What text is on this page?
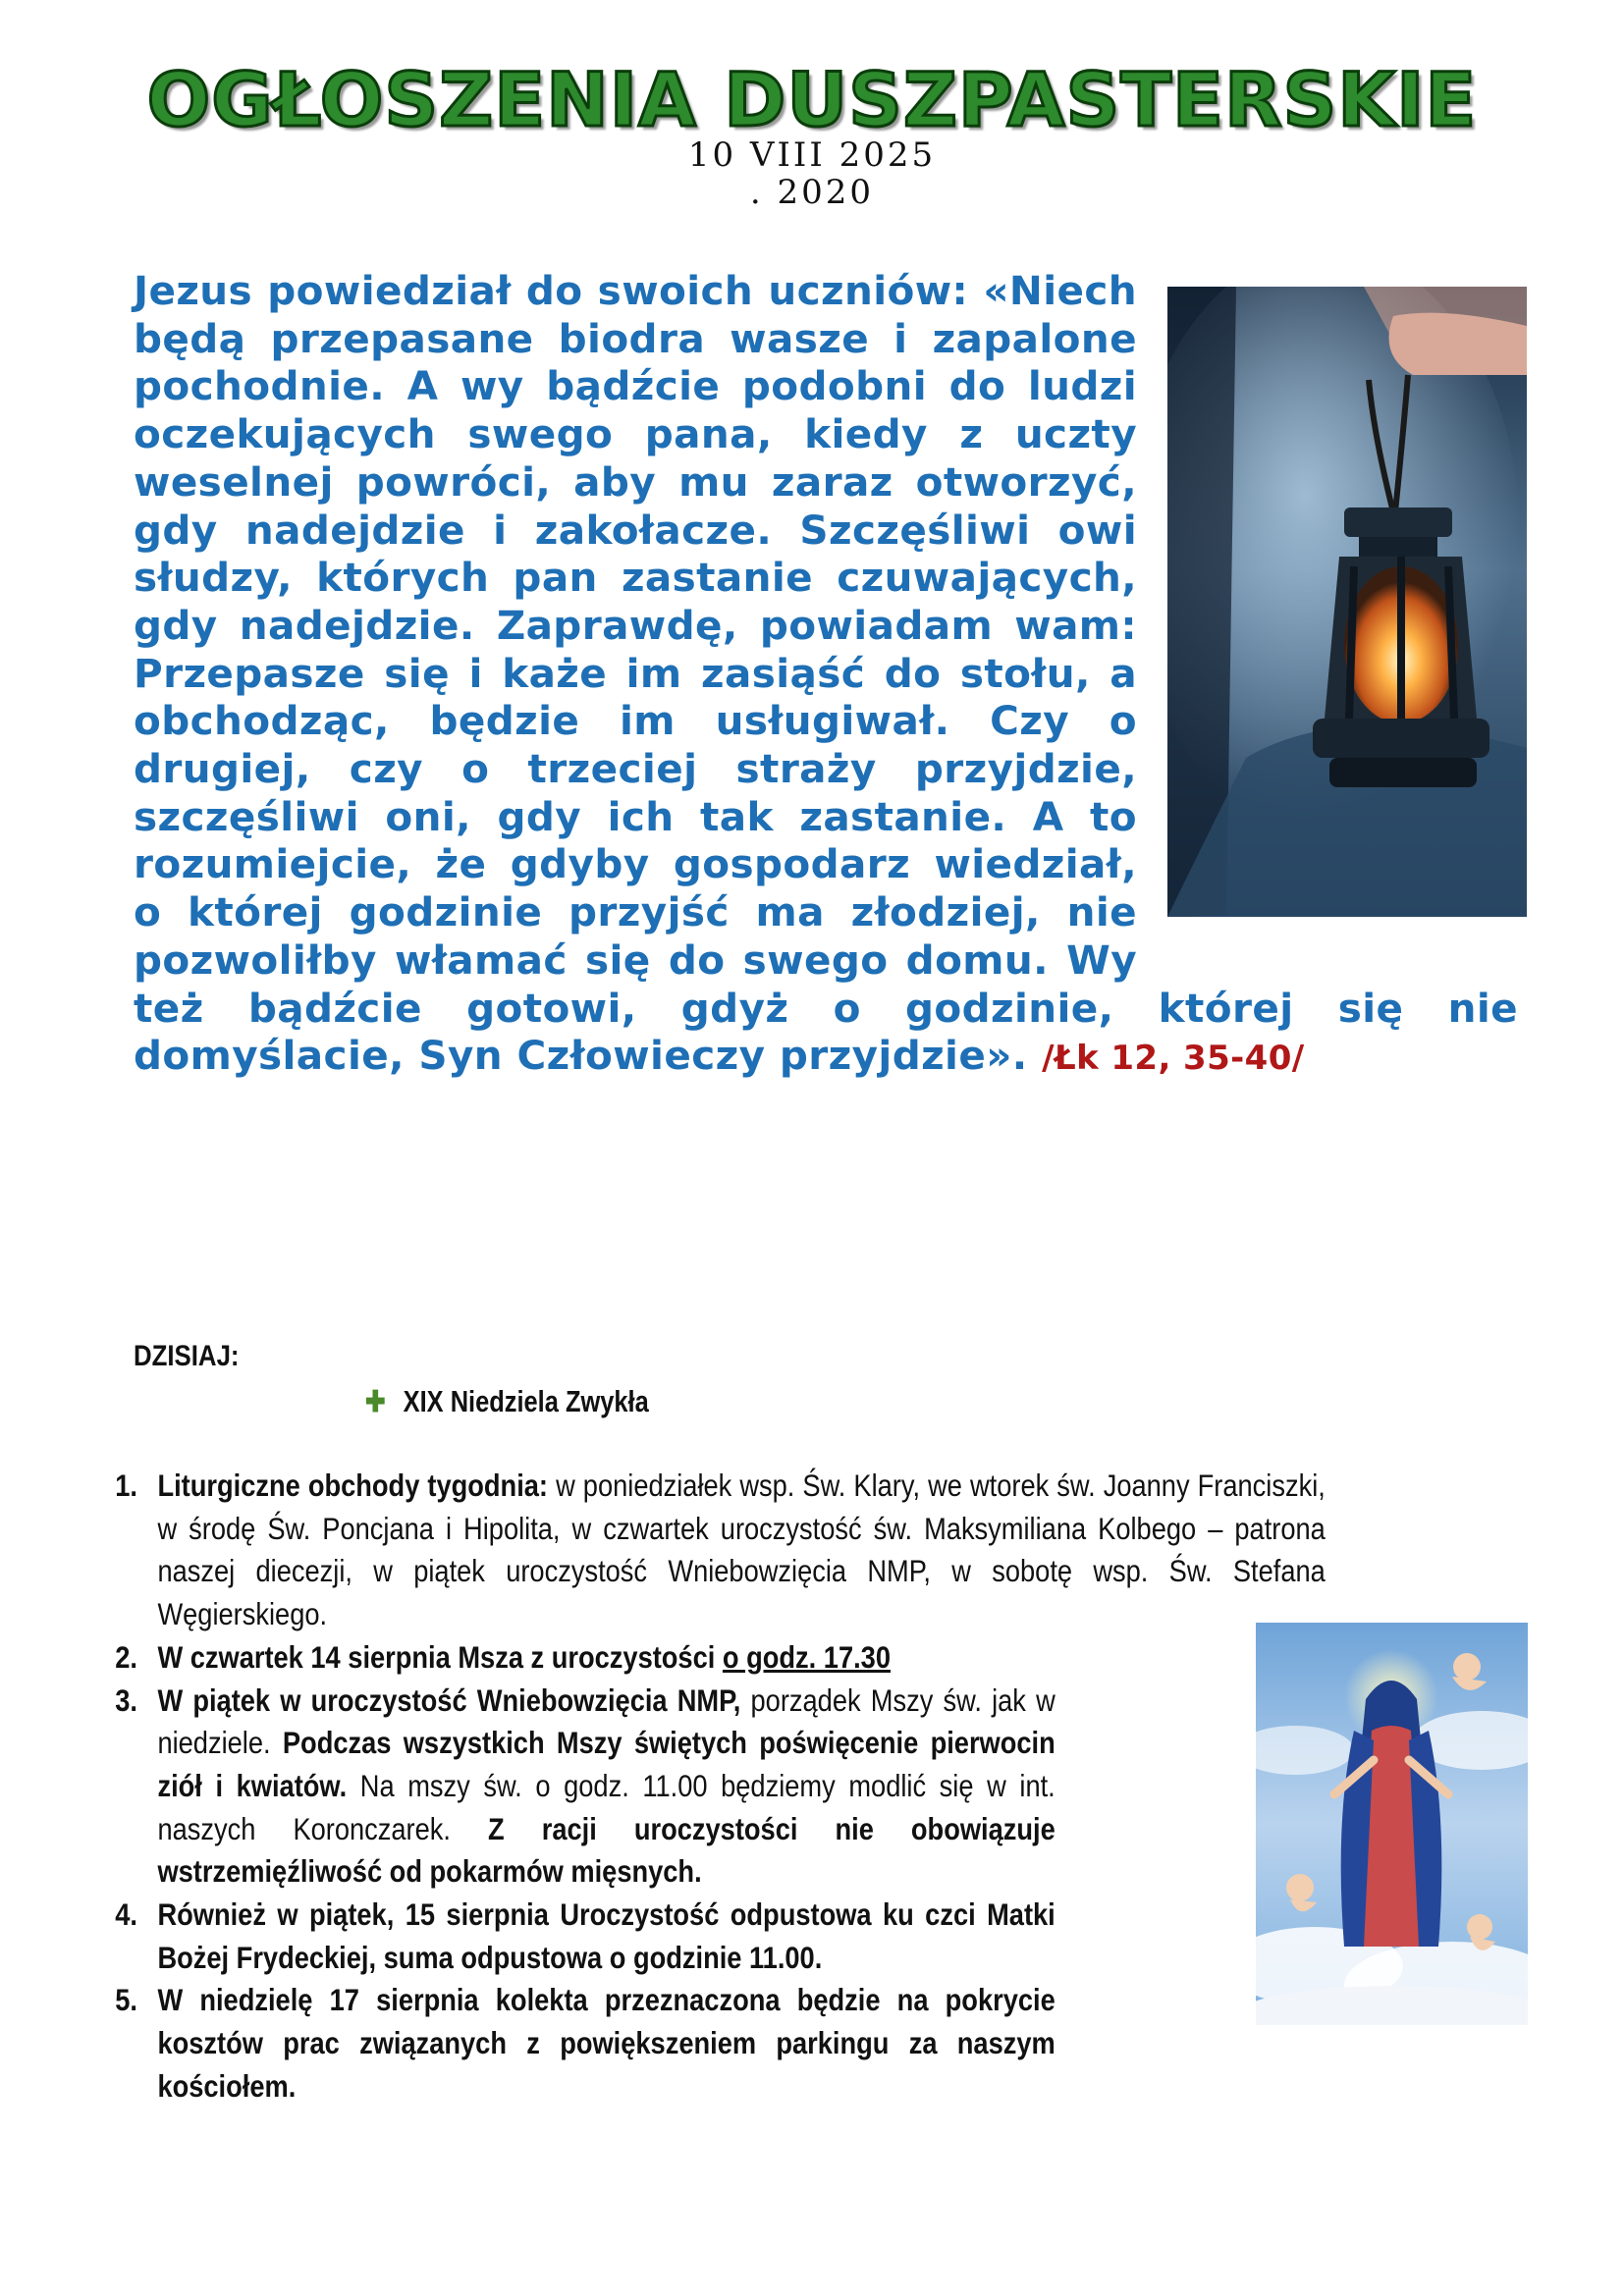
OGŁOSZENIA DUSZPASTERSKIE
10 VIII 2025
. 2020
Jezus powiedział do swoich uczniów: «Niech będą przepasane biodra wasze i zapalone pochodnie. A wy bądźcie podobni do ludzi oczekujących swego pana, kiedy z uczty weselnej powróci, aby mu zaraz otworzyć, gdy nadejdzie i zakołacze. Szczęśliwi owi słudzy, których pan zastanie czuwających, gdy nadejdzie. Zaprawdę, powiadam wam: Przepasze się i każe im zasiąść do stołu, a obchodząc, będzie im usługiwał. Czy o drugiej, czy o trzeciej straży przyjdzie, szczęśliwi oni, gdy ich tak zastanie. A to rozumiejcie, że gdyby gospodarz wiedział, o której godzinie przyjść ma złodziej, nie pozwoliłby włamać się do swego domu. Wy też bądźcie gotowi, gdyż o godzinie, której się nie domyślacie, Syn Człowieczy przyjdzie». /Łk 12, 35-40/
DZISIAJ:
✚ XIX Niedziela Zwykła
1. Liturgiczne obchody tygodnia: w poniedziałek wsp. Św. Klary, we wtorek św. Joanny Franciszki, w środę Św. Poncjana i Hipolita, w czwartek uroczystość św. Maksymiliana Kolbego – patrona naszej diecezji, w piątek uroczystość Wniebowzięcia NMP, w sobotę wsp. Św. Stefana Węgierskiego.
2. W czwartek 14 sierpnia Msza z uroczystości o godz. 17.30
3. W piątek w uroczystość Wniebowzięcia NMP, porządek Mszy św. jak w niedziele. Podczas wszystkich Mszy świętych poświęcenie pierwocin ziół i kwiatów. Na mszy św. o godz. 11.00 będziemy modlić się w int. naszych Koronczarek. Z racji uroczystości nie obowiązuje wstrzemięźliwość od pokarmów mięsnych.
4. Również w piątek, 15 sierpnia Uroczystość odpustowa ku czci Matki Bożej Frydeckiej, suma odpustowa o godzinie 11.00.
5. W niedzielę 17 sierpnia kolekta przeznaczona będzie na pokrycie kosztów prac związanych z powiększeniem parkingu za naszym kościołem.
